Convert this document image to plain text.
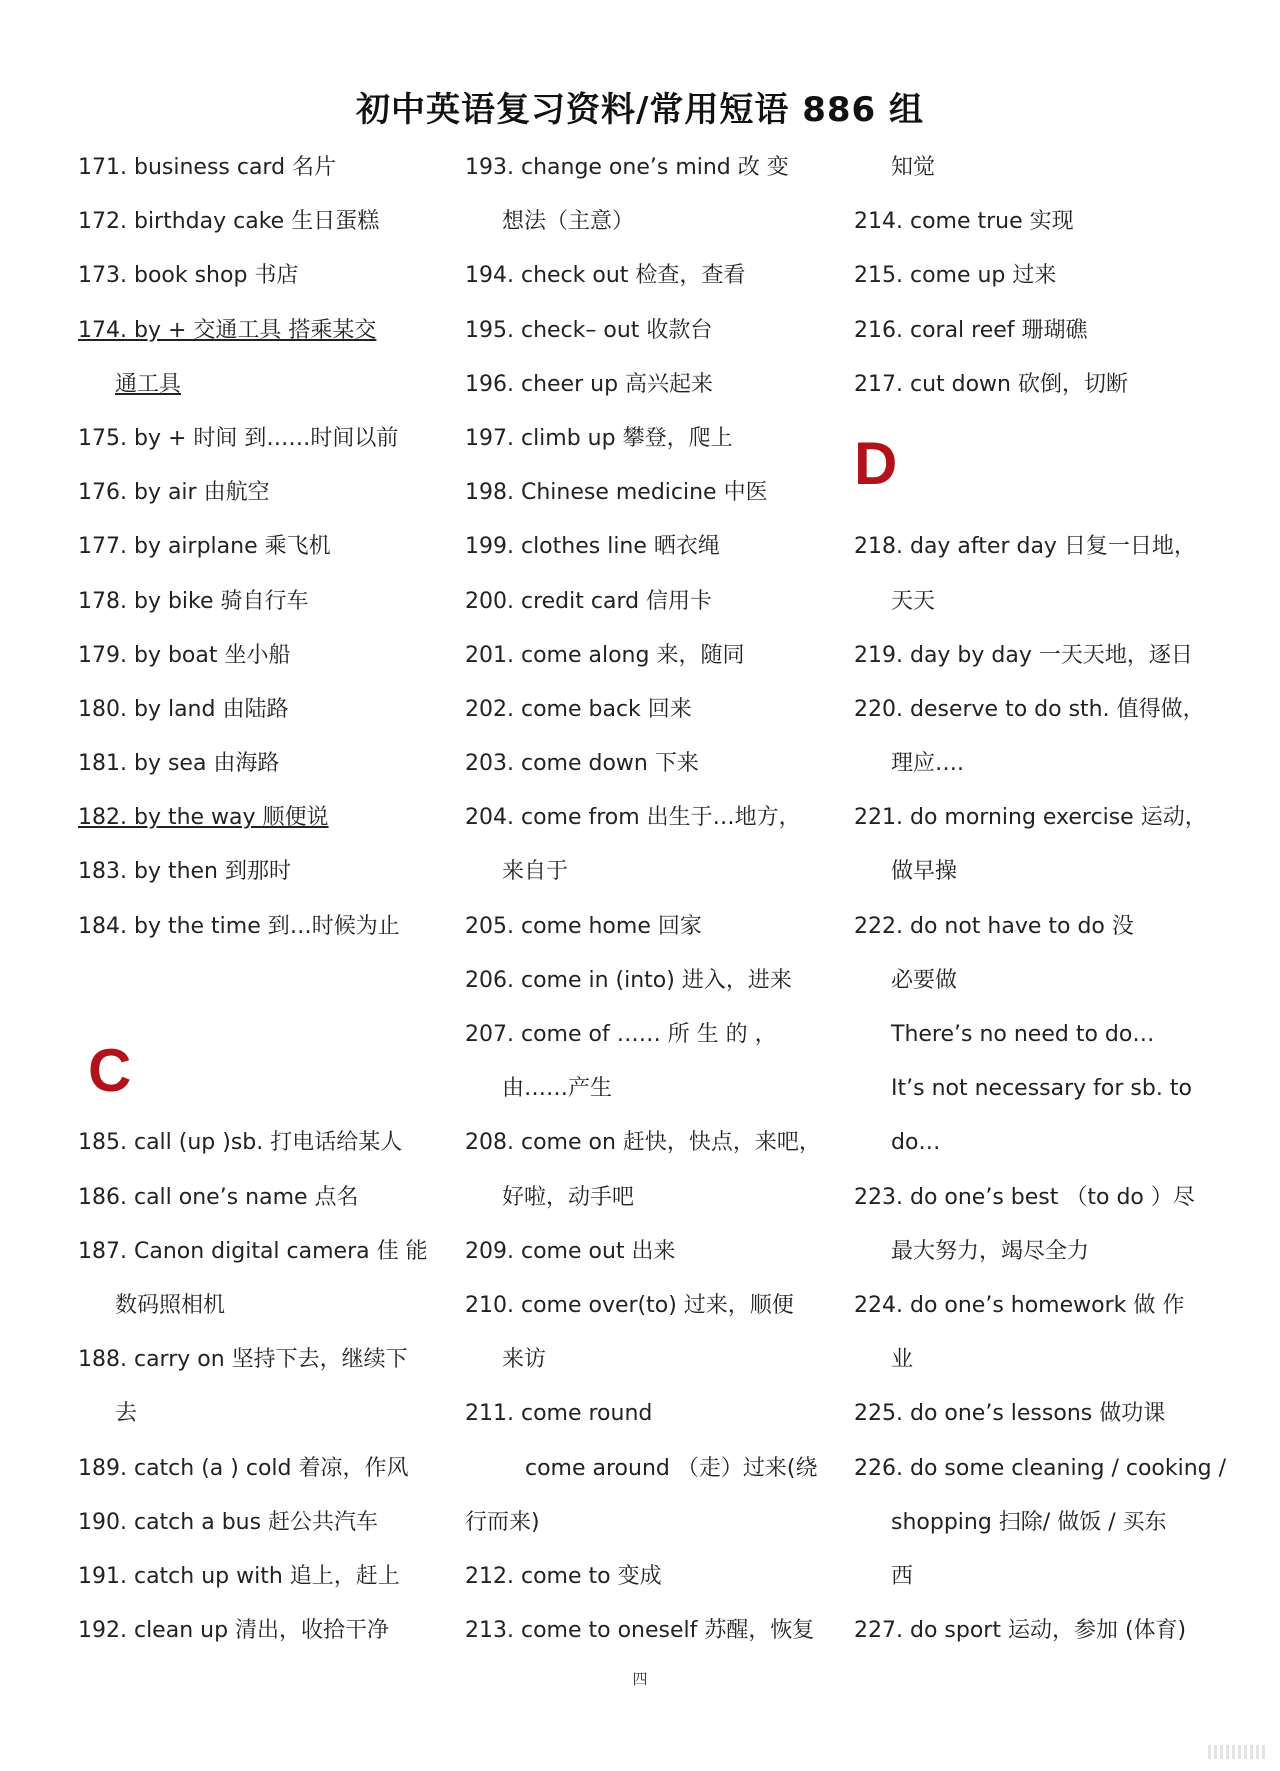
初中英语复习资料/常用短语 886 组
171. business card 名片
172. birthday cake 生日蛋糕
173. book shop 书店
174. by + 交通工具 搭乘某交
通工具
175. by + 时间 到……时间以前
176. by air 由航空
177. by airplane 乘飞机
178. by bike 骑自行车
179. by boat 坐小船
180. by land 由陆路
181. by sea 由海路
182. by the way 顺便说
183. by then 到那时
184. by the time 到…时候为止
C
185. call (up )sb. 打电话给某人
186. call one’s name 点名
187. Canon digital camera 佳 能
数码照相机
188. carry on 坚持下去，继续下
去
189. catch (a ) cold 着凉，作风
190. catch a bus 赶公共汽车
191. catch up with 追上，赶上
192. clean up 清出，收拾干净
193. change one’s mind 改 变
想法（主意）
194. check out 检查，查看
195. check– out 收款台
196. cheer up 高兴起来
197. climb up 攀登，爬上
198. Chinese medicine 中医
199. clothes line 晒衣绳
200. credit card 信用卡
201. come along 来，随同
202. come back 回来
203. come down 下来
204. come from 出生于…地方，
来自于
205. come home 回家
206. come in (into) 进入，进来
207. come of …… 所 生 的 ，
由……产生
208. come on 赶快，快点，来吧，
好啦，动手吧
209. come out 出来
210. come over(to) 过来，顺便
来访
211. come round
come around （走）过来(绕
行而来)
212. come to 变成
213. come to oneself 苏醒，恢复
知觉
214. come true 实现
215. come up 过来
216. coral reef 珊瑚礁
217. cut down 砍倒，切断
D
218. day after day 日复一日地，
天天
219. day by day 一天天地，逐日
220. deserve to do sth. 值得做，
理应….
221. do morning exercise 运动，
做早操
222. do not have to do 没
必要做
There’s no need to do…
It’s not necessary for sb. to
do…
223. do one’s best （to do ）尽
最大努力，竭尽全力
224. do one’s homework 做 作
业
225. do one’s lessons 做功课
226. do some cleaning / cooking /
shopping 扫除/ 做饭 / 买东
西
227. do sport 运动，参加 (体育)
四
